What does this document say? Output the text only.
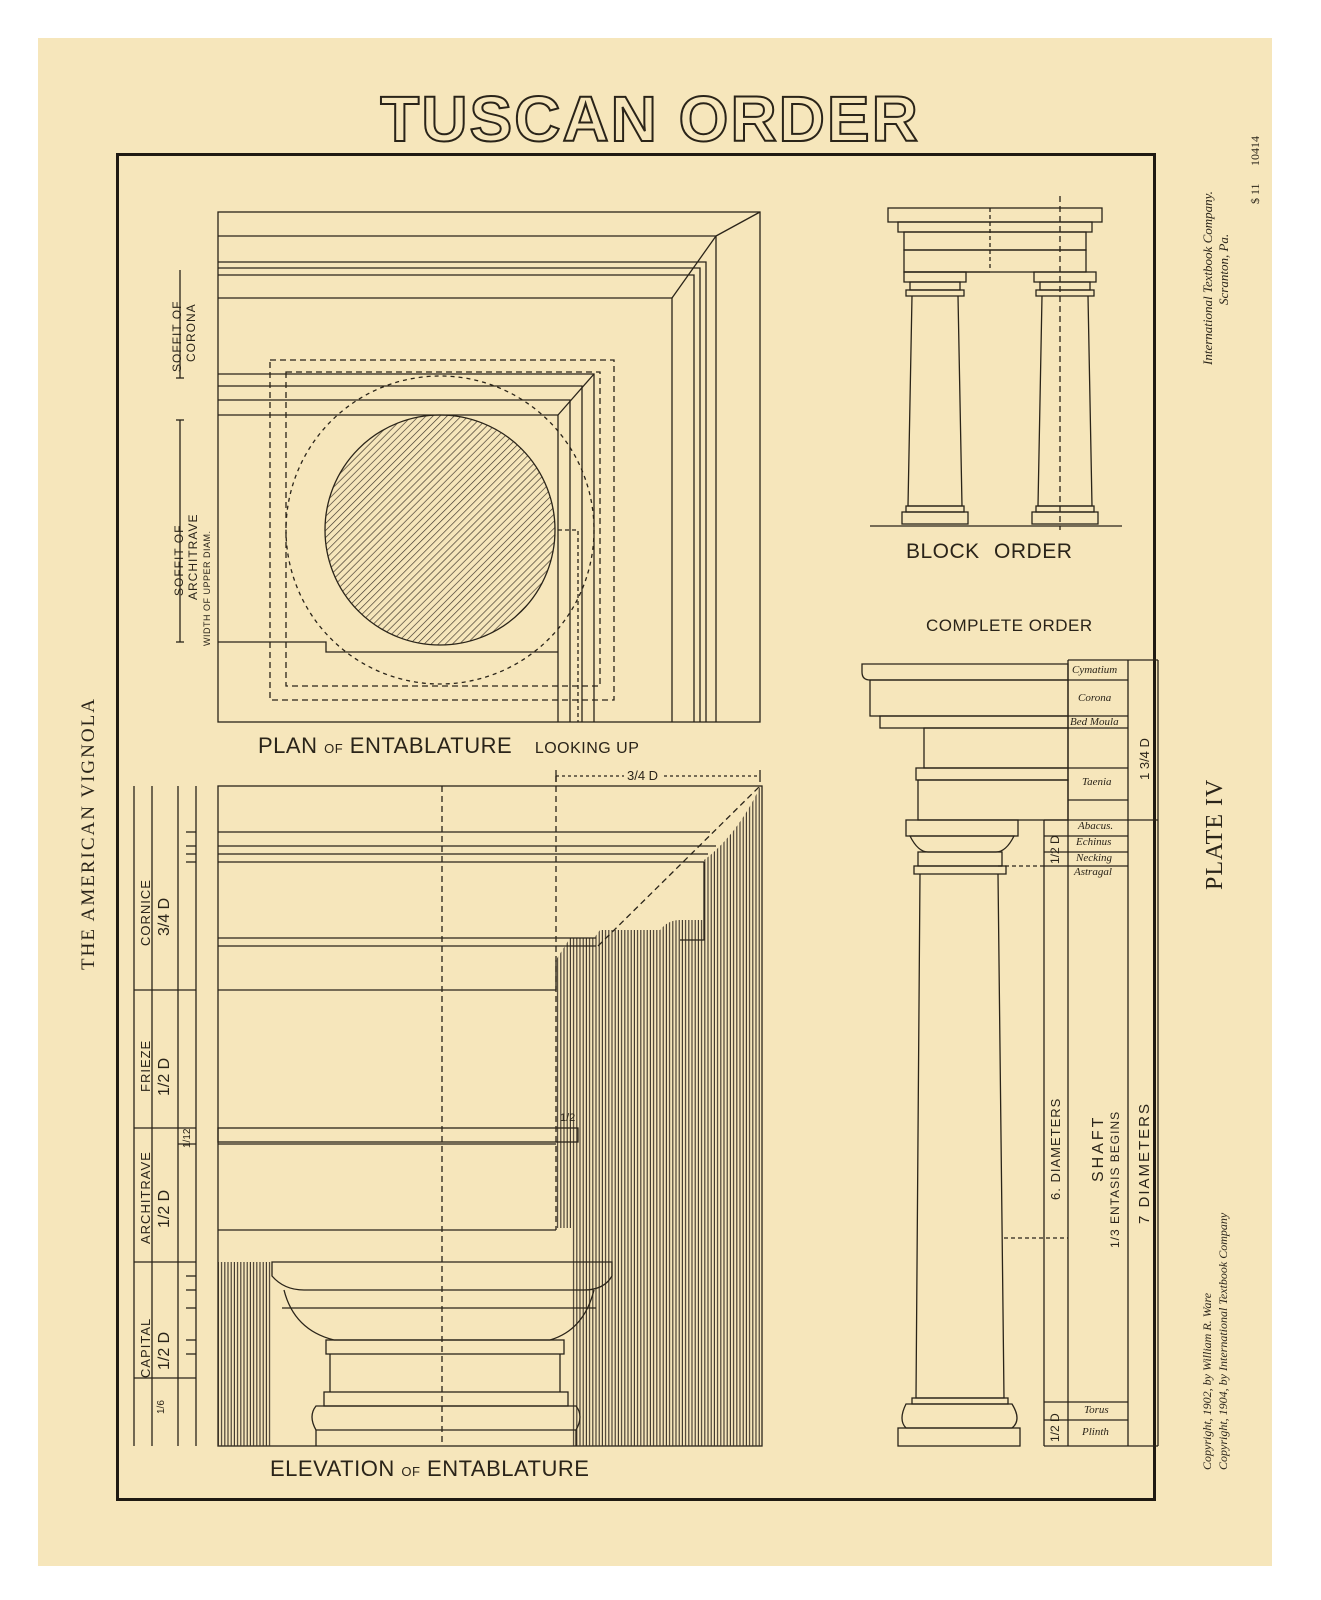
TUSCAN ORDER
THE AMERICAN VIGNOLA	PLATE IV
International Textbook Company. Scranton, Pa.
$ 11
10414
Copyright, 1902, by William R. Ware Copyright, 1904, by International Textbook Company
SOFFIT OF CORONA
SOFFIT OF ARCHITRAVE WIDTH OF UPPER DIAM.
PLAN OF ENTABLATURE LOOKING UP
BLOCK ORDER
COMPLETE ORDER
Cymatium
Corona
Bed Moula
Taenia
Abacus.
Echinus
Necking
Astragal
Torus
Plinth
1 3/4 D
1/2 D
6. DIAMETERS SHAFT 1/3 ENTASIS BEGINS 7 DIAMETERS
1/2 D
3/4 D
1/2
CORNICE 3/4 D
FRIEZE 1/2 D
ARCHITRAVE 1/2 D
CAPITAL 1/2 D
1/12
1/6
ELEVATION OF ENTABLATURE
